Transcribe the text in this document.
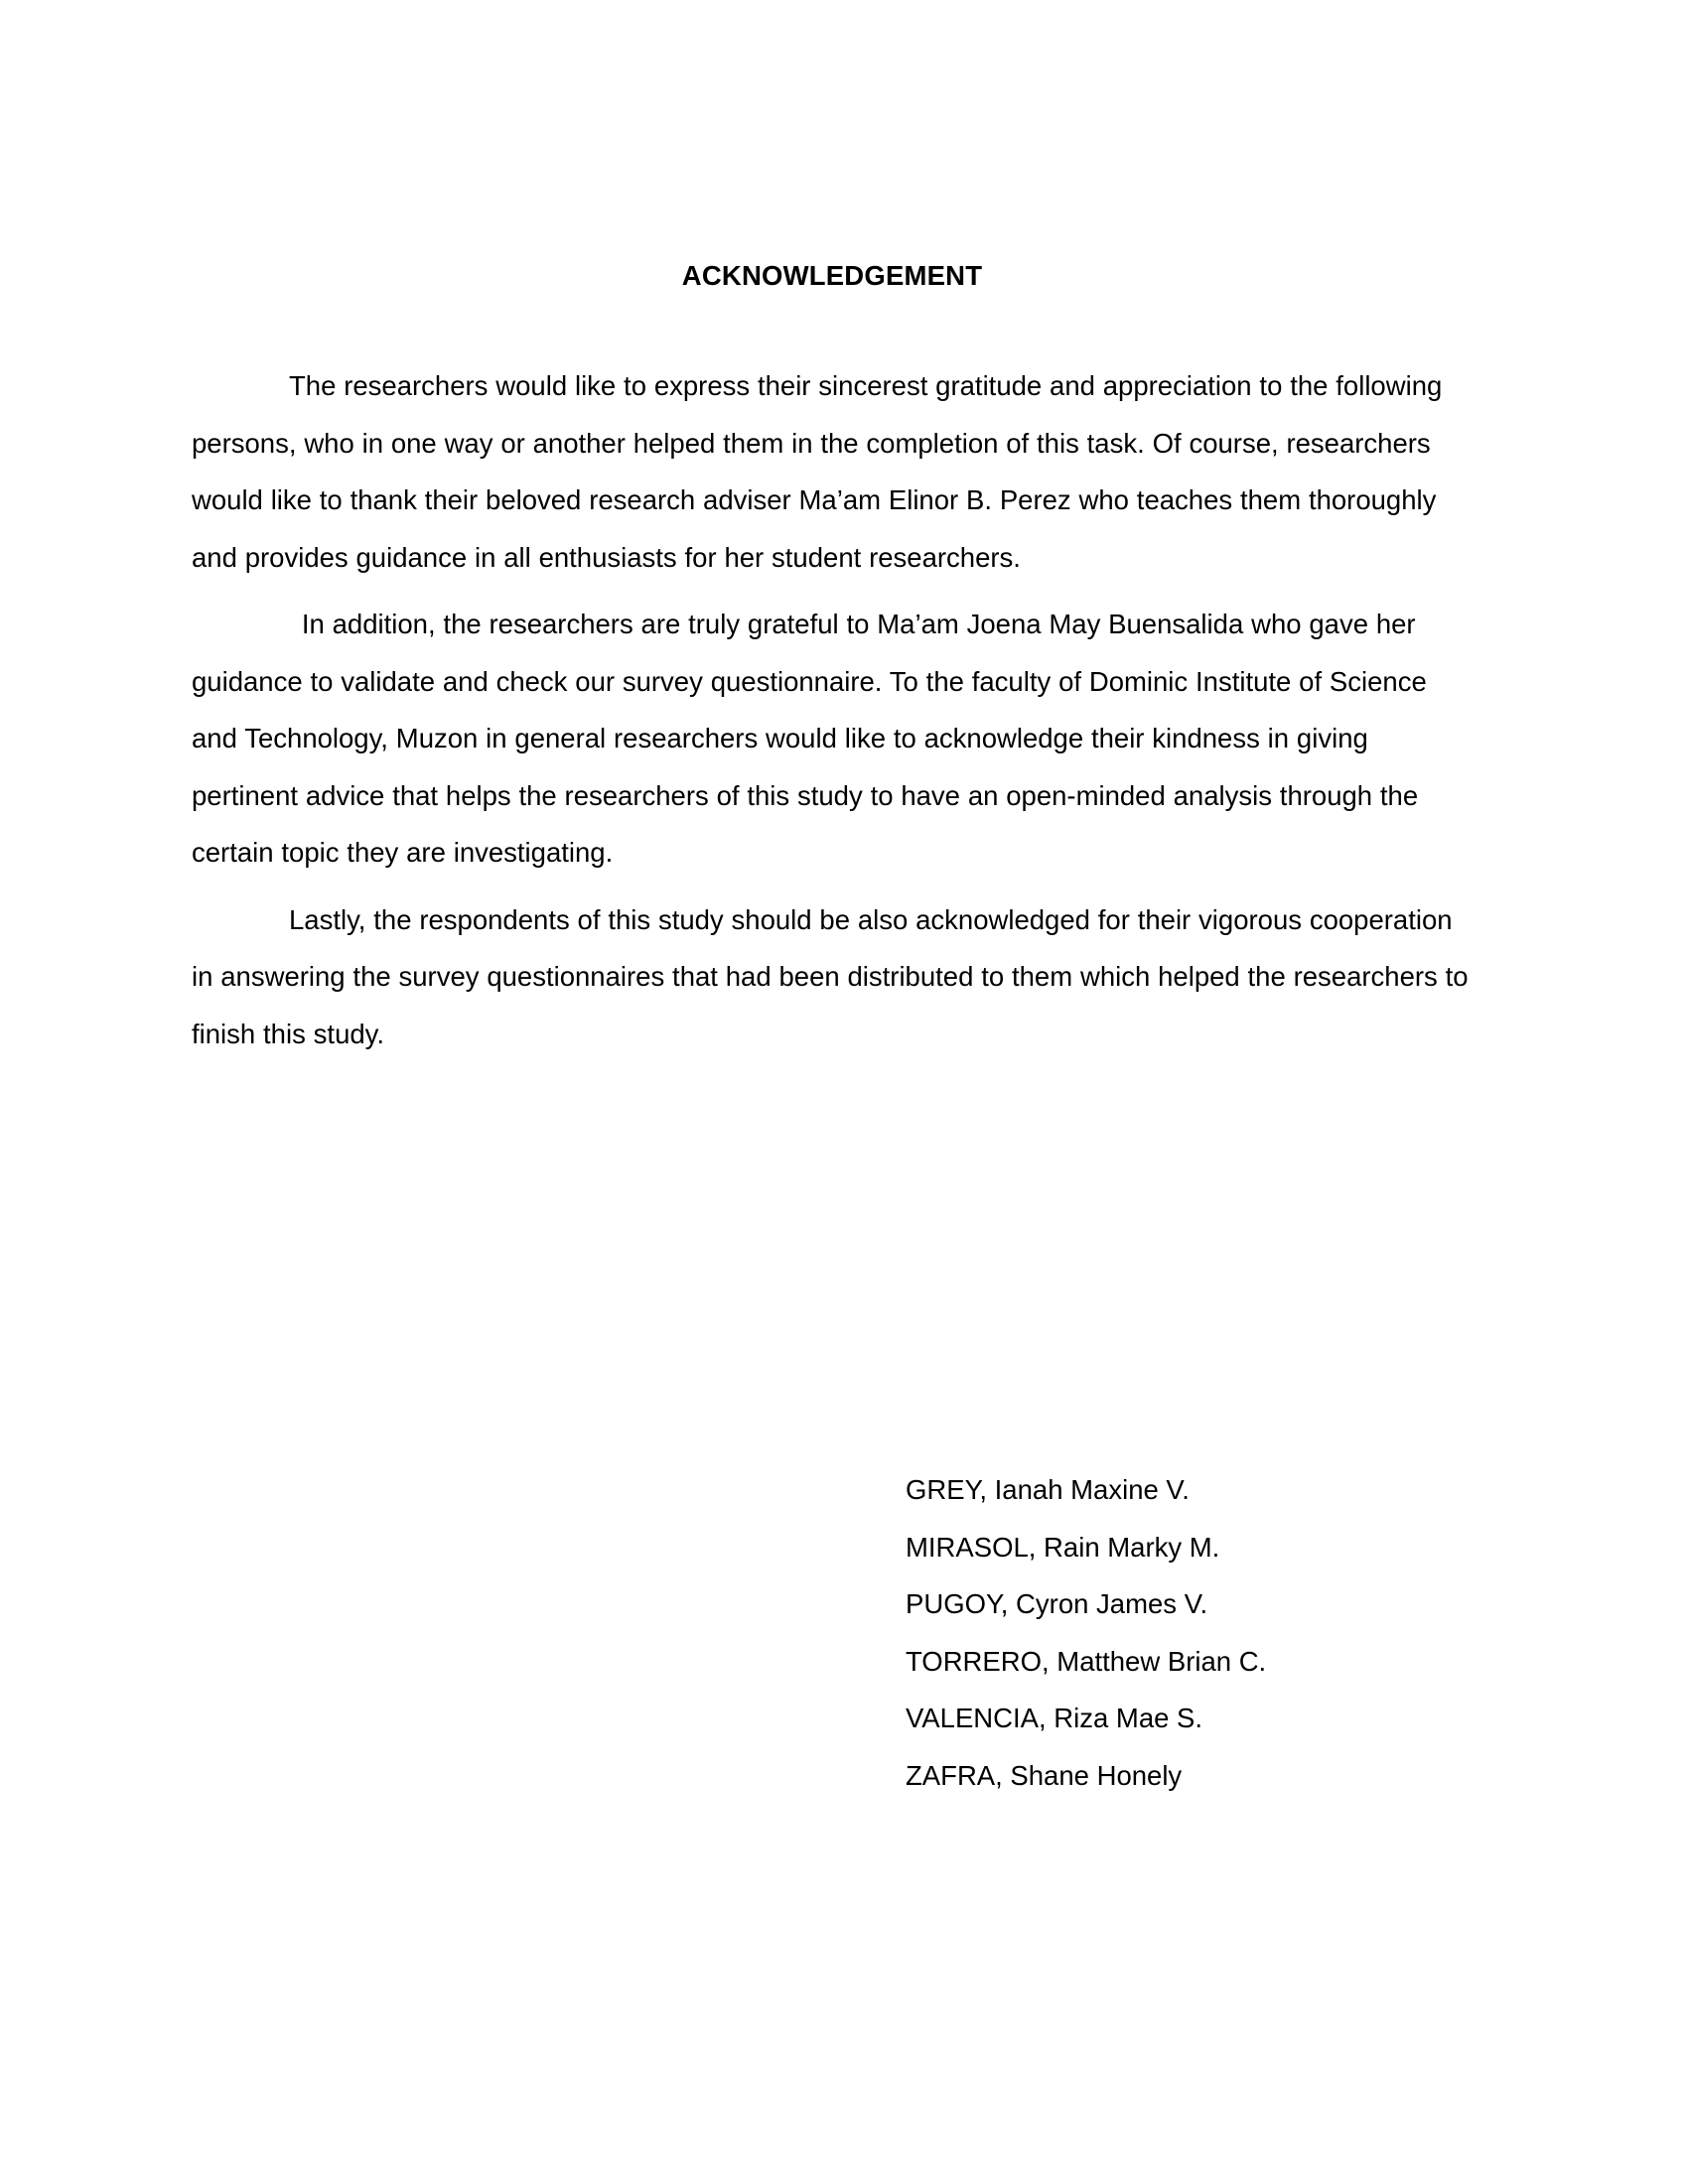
ACKNOWLEDGEMENT

The researchers would like to express their sincerest gratitude and appreciation to the following persons, who in one way or another helped them in the completion of this task. Of course, researchers would like to thank their beloved research adviser Ma’am Elinor B. Perez who teaches them thoroughly and provides guidance in all enthusiasts for her student researchers.

In addition, the researchers are truly grateful to Ma’am Joena May Buensalida who gave her guidance to validate and check our survey questionnaire. To the faculty of Dominic Institute of Science and Technology, Muzon in general researchers would like to acknowledge their kindness in giving pertinent advice that helps the researchers of this study to have an open-minded analysis through the certain topic they are investigating.

Lastly, the respondents of this study should be also acknowledged for their vigorous cooperation in answering the survey questionnaires that had been distributed to them which helped the researchers to finish this study.

GREY, Ianah Maxine V.
MIRASOL, Rain Marky M.
PUGOY, Cyron James V.
TORRERO, Matthew Brian C.
VALENCIA, Riza Mae S.
ZAFRA, Shane Honely
